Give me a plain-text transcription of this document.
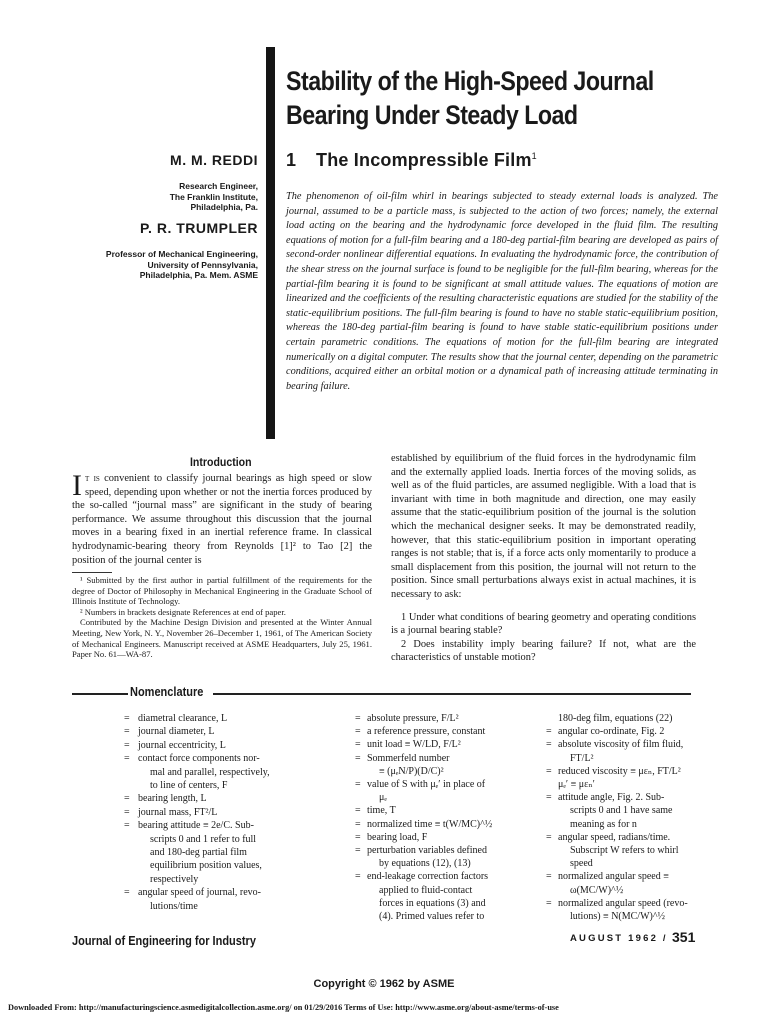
Stability of the High-Speed Journal
Bearing Under Steady Load
1 The Incompressible Film$^1$
M. M. REDDI
Research Engineer,
The Franklin Institute,
Philadelphia, Pa.
P. R. TRUMPLER
Professor of Mechanical Engineering,
University of Pennsylvania,
Philadelphia, Pa. Mem. ASME
The phenomenon of oil-film whirl in bearings subjected to steady external loads is analyzed. The journal, assumed to be a particle mass, is subjected to the action of two forces; namely, the external load acting on the bearing and the hydrodynamic force developed in the fluid film. The resulting equations of motion for a full-film bearing and a 180-deg partial-film bearing are developed as pairs of second-order nonlinear differential equations. In evaluating the hydrodynamic force, the contribution of the shear stress on the journal surface is found to be negligible for the full-film bearing, whereas for the partial-film bearing it is found to be significant at small attitude values. The equations of motion are linearized and the coefficients of the resulting characteristic equations are studied for the stability of the static-equilibrium positions. The full-film bearing is found to have no stable static-equilibrium position, whereas the 180-deg partial-film bearing is found to have stable static-equilibrium positions under certain parametric conditions. The equations of motion for the full-film bearing are integrated numerically on a digital computer. The results show that the journal center, depending on the parametric conditions, acquired either an orbital motion or a dynamical path of increasing attitude terminating in bearing failure.
Introduction
It is convenient to classify journal bearings as high speed or slow speed, depending upon whether or not the inertia forces produced by the so-called “journal mass” are significant in the study of bearing performance. We assume throughout this discussion that the journal moves in a bearing fixed in an inertial reference frame. In classical hydrodynamic-bearing theory from Reynolds [1]² to Tao [2] the position of the journal center is

¹ Submitted by the first author in partial fulfillment of the requirements for the degree of Doctor of Philosophy in Mechanical Engineering in the Graduate School of Illinois Institute of Technology.

² Numbers in brackets designate References at end of paper.

Contributed by the Machine Design Division and presented at the Winter Annual Meeting, New York, N. Y., November 26–December 1, 1961, of The American Society of Mechanical Engineers. Manuscript received at ASME Headquarters, July 25, 1961. Paper No. 61—WA-87.

established by equilibrium of the fluid forces in the hydrodynamic film and the externally applied loads. Inertia forces of the moving solids, as well as of the fluid particles, are assumed negligible. With a load that is invariant with time in both magnitude and direction, one may easily assume that the static-equilibrium position of the journal is the solution which the mechanical designer seeks. It may be demonstrated readily, however, that this static-equilibrium position in important operating ranges is not stable; that is, if a force acts only momentarily to produce a small displacement from this position, the journal will not return to the position. Since small perturbations always exist in actual machines, it is necessary to ask:

1 Under what conditions of bearing geometry and operating conditions is a journal bearing stable?

2 Does instability imply bearing failure? If not, what are the characteristics of unstable motion?

Nomenclature
= diametral clearance, L
= journal diameter, L
= journal eccentricity, L
= contact force components nor-
mal and parallel, respectively,
to line of centers, F
= bearing length, L
= journal mass, FT²/L
= bearing attitude ≡ 2e/C. Sub-
scripts 0 and 1 refer to full
and 180-deg partial film
equilibrium position values,
respectively
= angular speed of journal, revo-
lutions/time
= absolute pressure, F/L²
= a reference pressure, constant
= unit load ≡ W/LD, F/L²
= Sommerfeld number
≡ (μₑN/P)(D/C)²
= value of S with μₑ′ in place of
μₑ
= time, T
= normalized time ≡ t(W/MC)^½
= bearing load, F
= perturbation variables defined
by equations (12), (13)
= end-leakage correction factors
applied to fluid-contact
forces in equations (3) and
(4). Primed values refer to
180-deg film, equations (22)
= angular co-ordinate, Fig. 2
= absolute viscosity of film fluid,
FT/L²
= reduced viscosity ≡ μεₙ, FT/L²
μₑ′ ≡ μεₙ′
= attitude angle, Fig. 2. Sub-
scripts 0 and 1 have same
meaning as for n
= angular speed, radians/time.
Subscript W refers to whirl
speed
= normalized angular speed ≡
ω(MC/W)^½
= normalized angular speed (revo-
lutions) ≡ N(MC/W)^½
Journal of Engineering for Industry	AUGUST 1962 / 351
Copyright © 1962 by ASME
Downloaded From: http://manufacturingscience.asmedigitalcollection.asme.org/ on 01/29/2016 Terms of Use: http://www.asme.org/about-asme/terms-of-use
